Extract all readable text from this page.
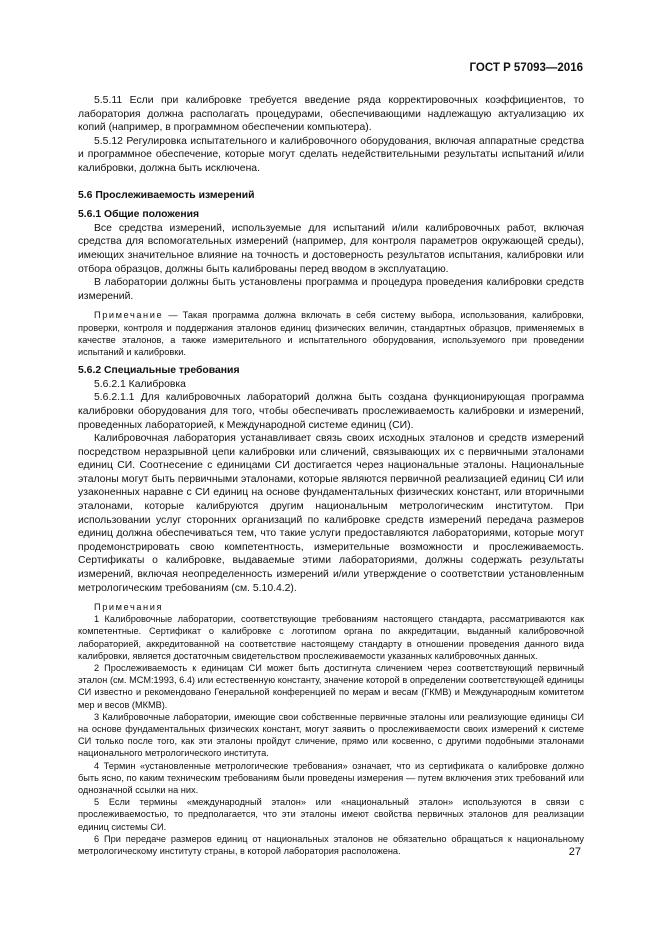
ГОСТ Р 57093—2016

5.5.11 Если при калибровке требуется введение ряда корректировочных коэффициентов, то лаборатория должна располагать процедурами, обеспечивающими надлежащую актуализацию их копий (например, в программном обеспечении компьютера).

5.5.12 Регулировка испытательного и калибровочного оборудования, включая аппаратные средства и программное обеспечение, которые могут сделать недействительными результаты испытаний и/или калибровки, должна быть исключена.

5.6 Прослеживаемость измерений

5.6.1 Общие положения

Все средства измерений, используемые для испытаний и/или калибровочных работ, включая средства для вспомогательных измерений (например, для контроля параметров окружающей среды), имеющих значительное влияние на точность и достоверность результатов испытания, калибровки или отбора образцов, должны быть калиброваны перед вводом в эксплуатацию.

В лаборатории должны быть установлены программа и процедура проведения калибровки средств измерений.

Примечание — Такая программа должна включать в себя систему выбора, использования, калибровки, проверки, контроля и поддержания эталонов единиц физических величин, стандартных образцов, применяемых в качестве эталонов, а также измерительного и испытательного оборудования, используемого при проведении испытаний и калибровки.

5.6.2 Специальные требования

5.6.2.1 Калибровка

5.6.2.1.1 Для калибровочных лабораторий должна быть создана функционирующая программа калибровки оборудования для того, чтобы обеспечивать прослеживаемость калибровки и измерений, проведенных лабораторией, к Международной системе единиц (СИ).

Калибровочная лаборатория устанавливает связь своих исходных эталонов и средств измерений посредством неразрывной цепи калибровки или сличений, связывающих их с первичными эталонами единиц СИ. Соотнесение с единицами СИ достигается через национальные эталоны. Национальные эталоны могут быть первичными эталонами, которые являются первичной реализацией единиц СИ или узаконенных наравне с СИ единиц на основе фундаментальных физических констант, или вторичными эталонами, которые калибруются другим национальным метрологическим институтом. При использовании услуг сторонних организаций по калибровке средств измерений передача размеров единиц должна обеспечиваться тем, что такие услуги предоставляются лабораториями, которые могут продемонстрировать свою компетентность, измерительные возможности и прослеживаемость. Сертификаты о калибровке, выдаваемые этими лабораториями, должны содержать результаты измерений, включая неопределенность измерений и/или утверждение о соответствии установленным метрологическим требованиям (см. 5.10.4.2).

Примечания

1 Калибровочные лаборатории, соответствующие требованиям настоящего стандарта, рассматриваются как компетентные. Сертификат о калибровке с логотипом органа по аккредитации, выданный калибровочной лабораторией, аккредитованной на соответствие настоящему стандарту в отношении проведения данного вида калибровки, является достаточным свидетельством прослеживаемости указанных калибровочных данных.

2 Прослеживаемость к единицам СИ может быть достигнута сличением через соответствующий первичный эталон (см. МСМ:1993, 6.4) или естественную константу, значение которой в определении соответствующей единицы СИ известно и рекомендовано Генеральной конференцией по мерам и весам (ГКМВ) и Международным комитетом мер и весов (МКМВ).

3 Калибровочные лаборатории, имеющие свои собственные первичные эталоны или реализующие единицы СИ на основе фундаментальных физических констант, могут заявить о прослеживаемости своих измерений к системе СИ только после того, как эти эталоны пройдут сличение, прямо или косвенно, с другими подобными эталонами национального метрологического института.

4 Термин «установленные метрологические требования» означает, что из сертификата о калибровке должно быть ясно, по каким техническим требованиям были проведены измерения — путем включения этих требований или однозначной ссылки на них.

5 Если термины «международный эталон» или «национальный эталон» используются в связи с прослеживаемостью, то предполагается, что эти эталоны имеют свойства первичных эталонов для реализации единиц системы СИ.

6 При передаче размеров единиц от национальных эталонов не обязательно обращаться к национальному метрологическому институту страны, в которой лаборатория расположена.	27
